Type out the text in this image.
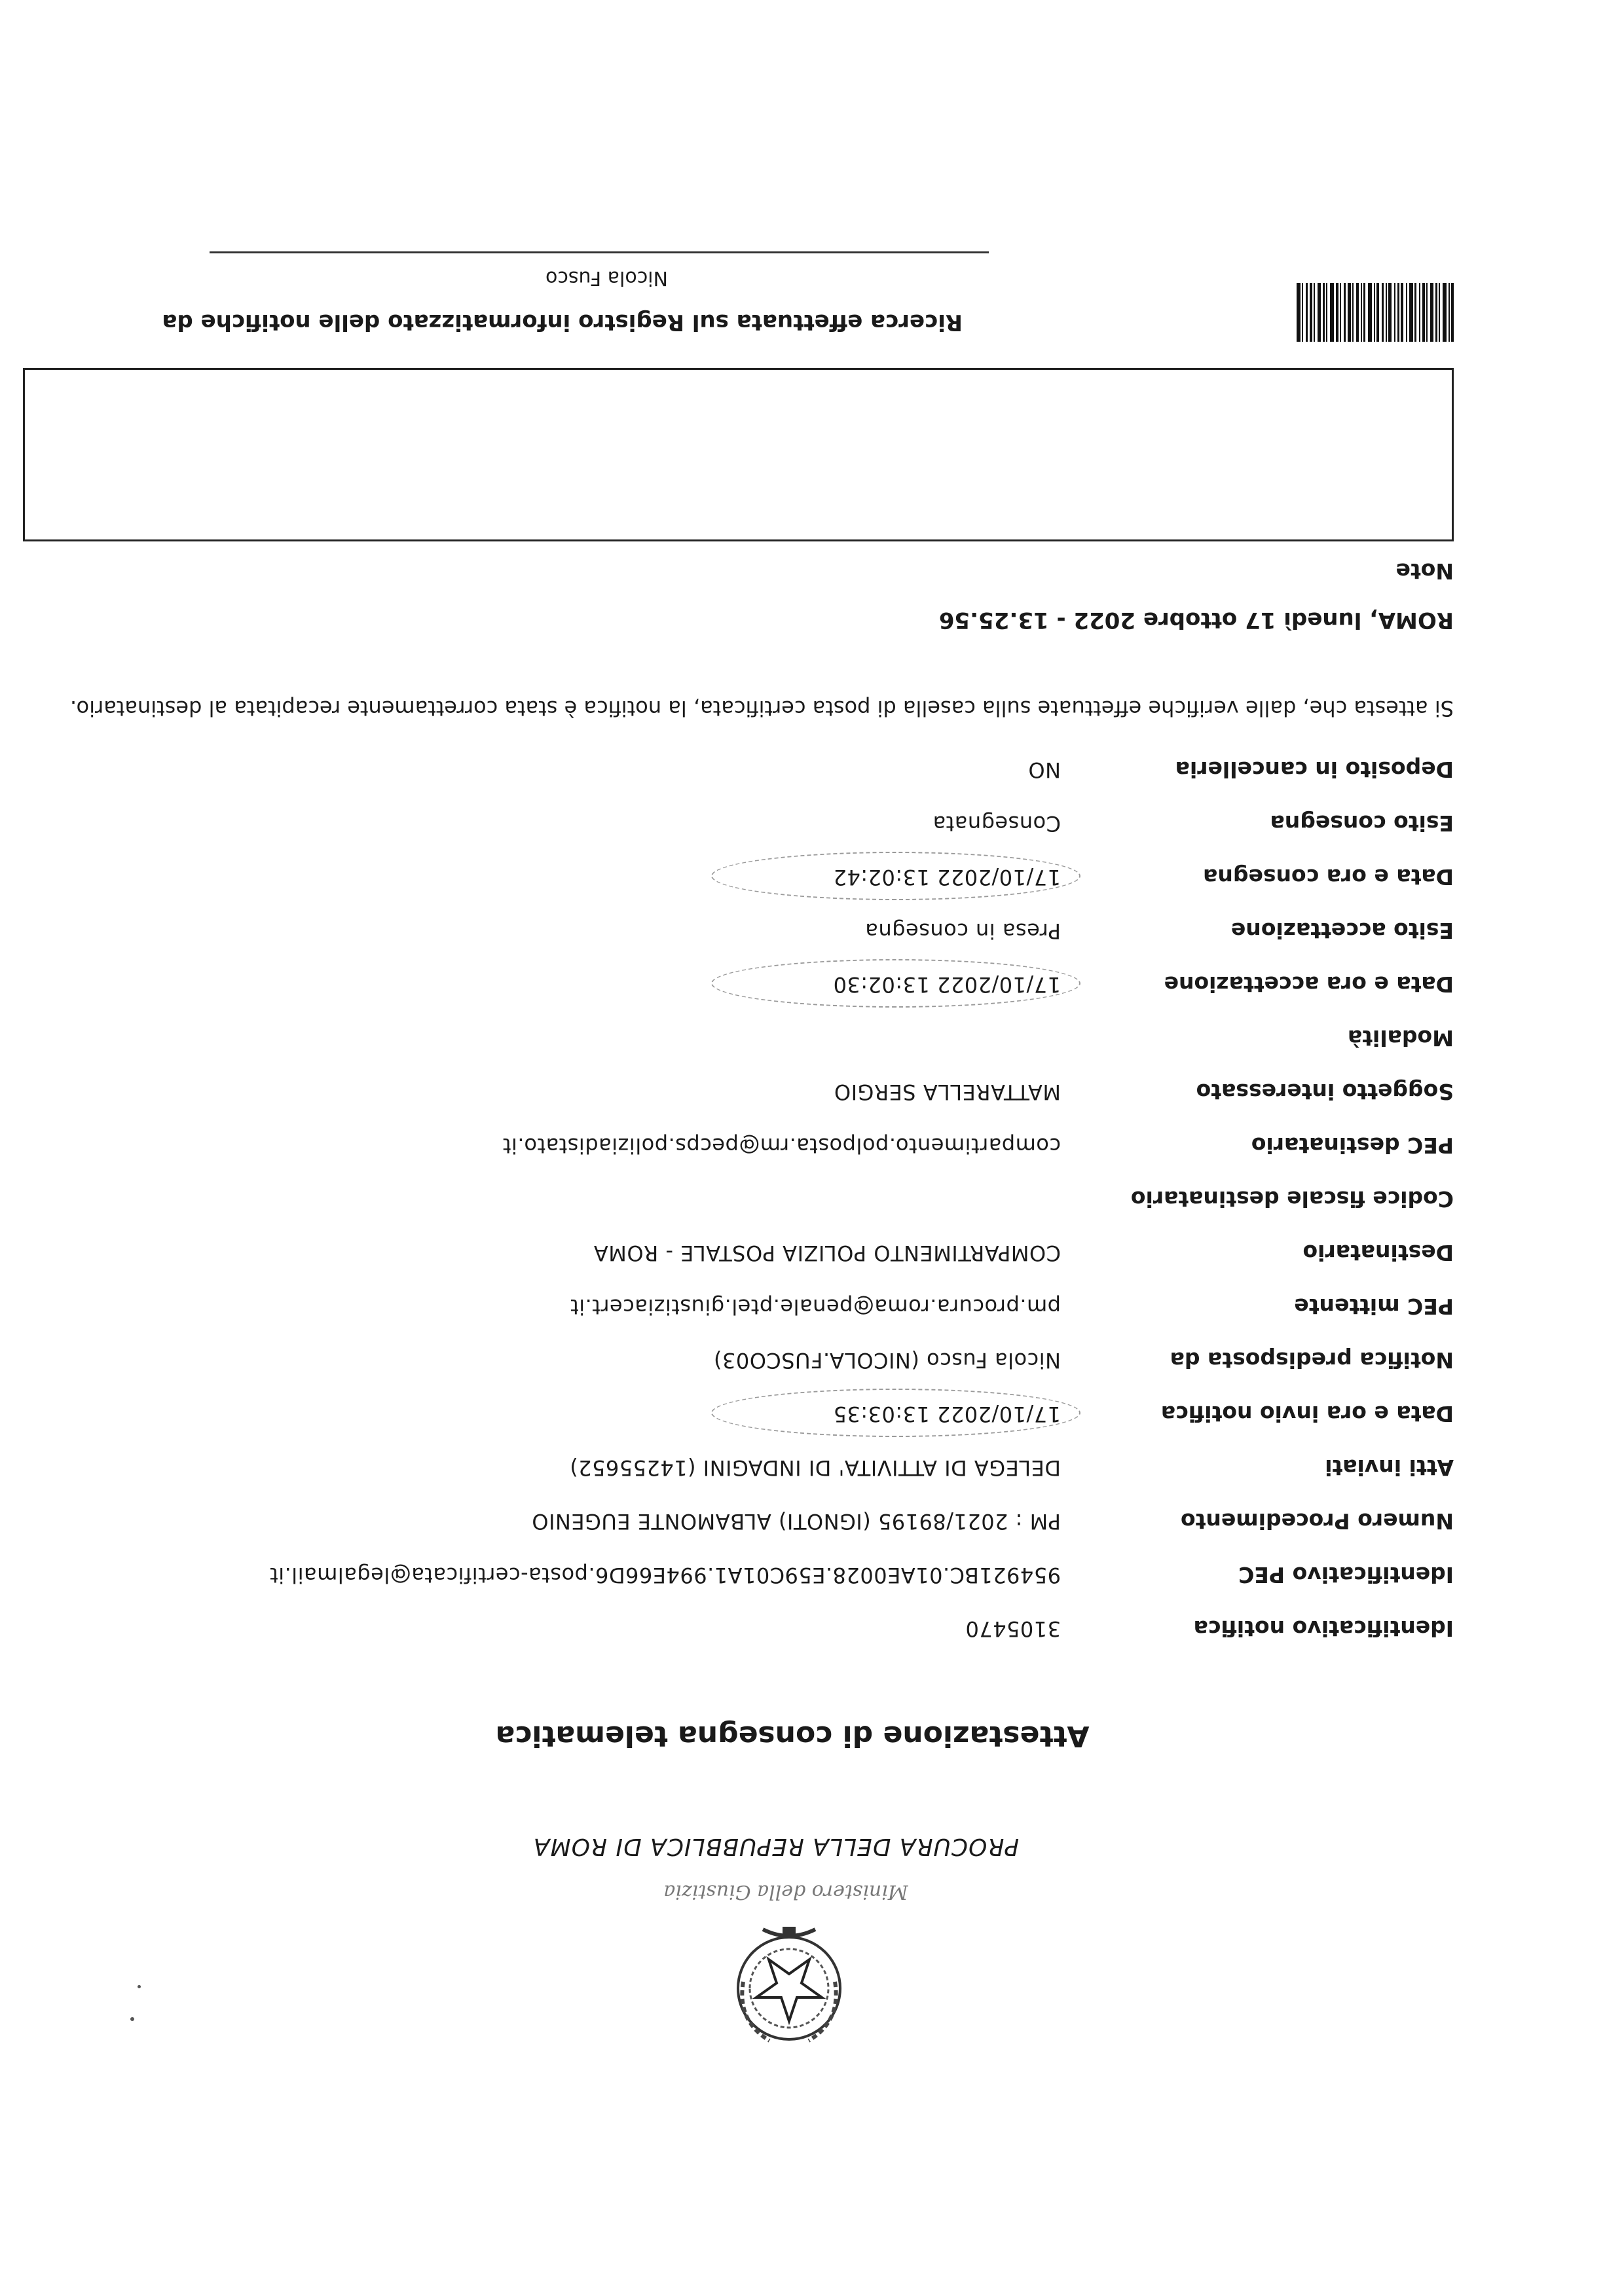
Ministero della Giustizia
PROCURA DELLA REPUBBLICA DI ROMA
Attestazione di consegna telematica
Identificativo notifica
3105470
Identificativo PEC
954921BC.01AE0028.E59C01A1.994E66D6.posta-certificata@legalmail.it
Numero Procedimento
PM : 2021/89195 (IGNOTI) ALBAMONTE EUGENIO
Atti inviati
DELEGA DI ATTIVITA' DI INDAGINI (14255652)
Data e ora invio notifica
17/10/2022 13:03:35
Notifica predisposta da
Nicola Fusco (NICOLA.FUSCO03)
PEC mittente
pm.procura.roma@penale.ptel.giustiziacert.it
Destinatario
COMPARTIMENTO POLIZIA POSTALE - ROMA
Codice fiscale destinatario
PEC destinatario
compartimento.polposta.rm@pecps.poliziadistato.it
Soggetto interessato
MATTARELLA SERGIO
Modalità
Data e ora accettazione
17/10/2022 13:02:30
Esito accettazione
Presa in consegna
Data e ora consegna
17/10/2022 13:02:42
Esito consegna
Consegnata
Deposito in cancelleria
NO
Si attesta che, dalle verifiche effettuate sulla casella di posta certificata, la notifica è stata correttamente recapitata al destinatario.
ROMA, lunedì 17 ottobre 2022 - 13.25.56
Note
Ricerca effettuata sul Registro informatizzato delle notifiche da
Nicola Fusco
